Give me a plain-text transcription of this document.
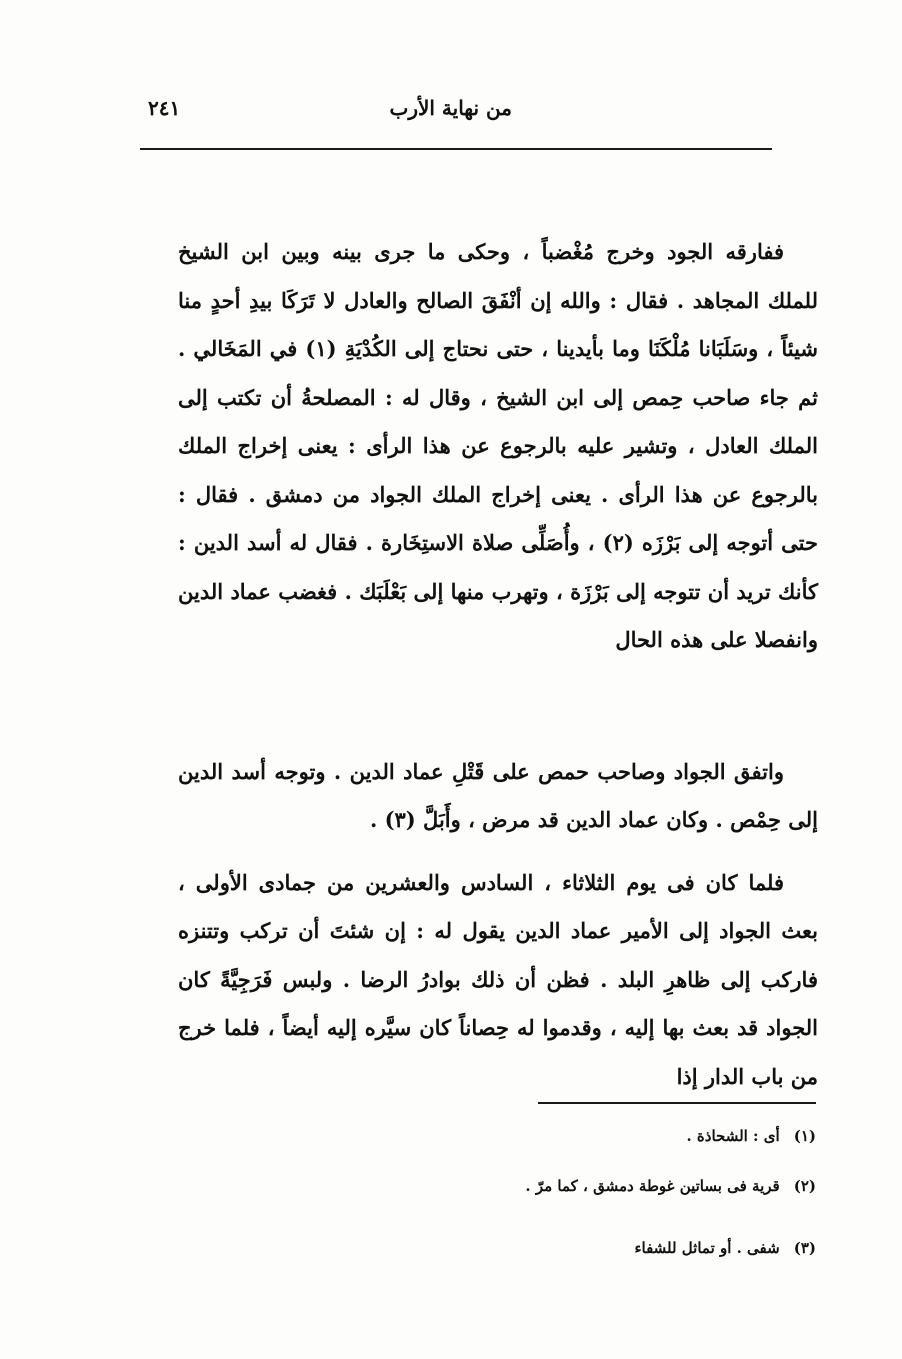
من نهاية الأرب
٢٤١

ففارقه الجود وخرج مُغْضباً ، وحكى ما جرى بينه وبين ابن الشيخ للملك المجاهد . فقال : والله إن أنْفَقَ الصالح والعادل لا تَرَكَا بيدِ أحدٍ منا شيئاً ، وسَلَبَانا مُلْكَنَا وما بأيدينا ، حتى نحتاج إلى الكُدْيَةِ (١) في المَخَالي . ثم جاء صاحب حِمص إلى ابن الشيخ ، وقال له : المصلحةُ أن تكتب إلى الملك العادل ، وتشير عليه بالرجوع عن هذا الرأى : يعنى إخراج الملك بالرجوع عن هذا الرأى . يعنى إخراج الملك الجواد من دمشق . فقال : حتى أتوجه إلى بَرْزَه (٢) ، وأُصَلِّى صلاة الاستِخَارة . فقال له أسد الدين : كأنك تريد أن تتوجه إلى بَرْزَة ، وتهرب منها إلى بَعْلَبَك . فغضب عماد الدين وانفصلا على هذه الحال

واتفق الجواد وصاحب حمص على قَتْلِ عماد الدين . وتوجه أسد الدين إلى حِمْص . وكان عماد الدين قد مرض ، وأَبَلَّ (٣) .

فلما كان فى يوم الثلاثاء ، السادس والعشرين من جمادى الأولى ، بعث الجواد إلى الأمير عماد الدين يقول له : إن شئتَ أن تركب وتتنزه فاركب إلى ظاهرِ البلد . فظن أن ذلك بوادرُ الرضا . ولبس فَرَجِيَّةً كان الجواد قد بعث بها إليه ، وقدموا له حِصاناً كان سيَّره إليه أيضاً ، فلما خرج من باب الدار إذا

(١)أى : الشحاذة .
(٢)قرية فى بساتين غوطة دمشق ، كما مرّ .
(٣)شفى . أو تماثل للشفاء
